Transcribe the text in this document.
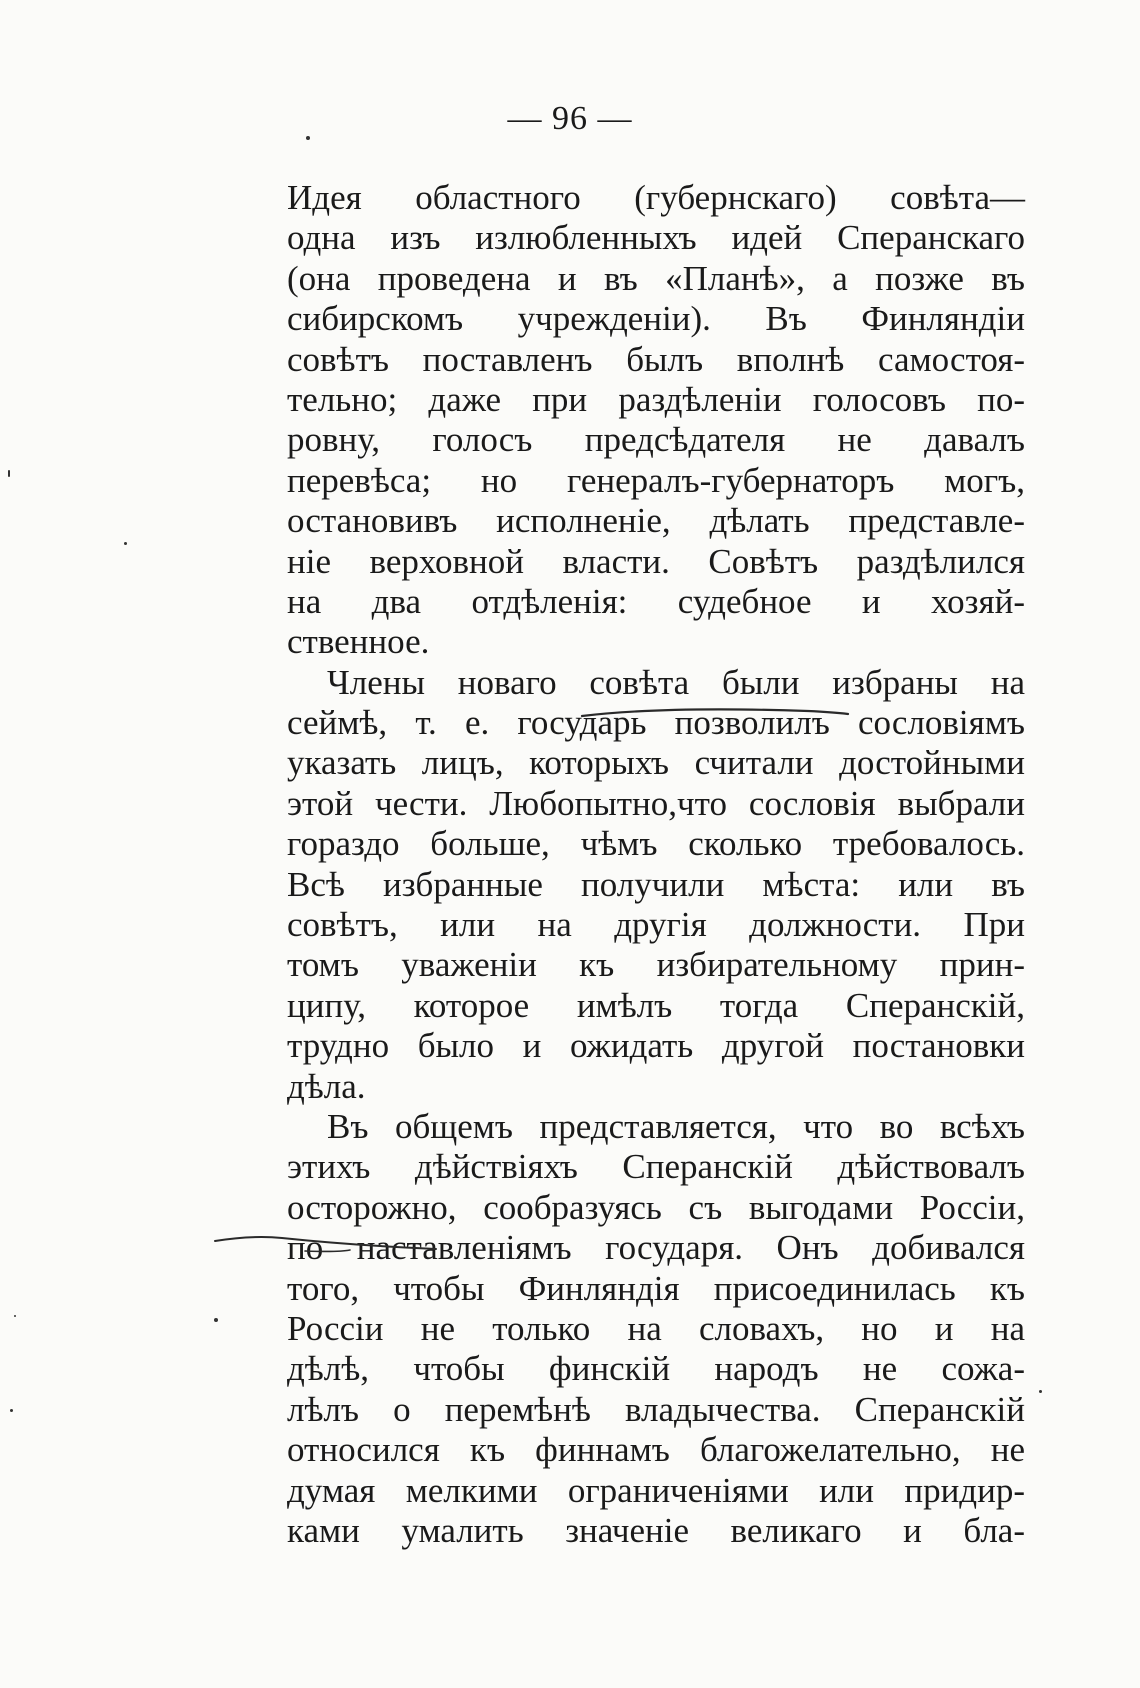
— 96 —
Идея областного (губернскаго) совѣта—
одна изъ излюбленныхъ идей Сперанскаго
(она проведена и въ «Планѣ», а позже въ
сибирскомъ учрежденiи). Въ Финляндiи
совѣтъ поставленъ былъ вполнѣ самостоя-
тельно; даже при раздѣленiи голосовъ по-
ровну, голосъ предсѣдателя не давалъ
перевѣса; но генералъ-губернаторъ могъ,
остановивъ исполненiе, дѣлать представле-
нiе верховной власти. Совѣтъ раздѣлился
на два отдѣленiя: судебное и хозяй-
ственное.
Члены новаго совѣта были избраны на
сеймѣ, т. е. государь позволилъ сословiямъ
указать лицъ, которыхъ считали достойными
этой чести. Любопытно,что сословiя выбрали
гораздо больше, чѣмъ сколько требовалось.
Всѣ избранные получили мѣста: или въ
совѣтъ, или на другiя должности. При
томъ уваженiи къ избирательному прин-
ципу, которое имѣлъ тогда Сперанскiй,
трудно было и ожидать другой постановки
дѣла.
Въ общемъ представляется, что во всѣхъ
этихъ дѣйствiяхъ Сперанскiй дѣйствовалъ
осторожно, сообразуясь съ выгодами Россiи,
по наставленiямъ государя. Онъ добивался
того, чтобы Финляндiя присоединилась къ
Россiи не только на словахъ, но и на
дѣлѣ, чтобы финскiй народъ не сожа-
лѣлъ о перемѣнѣ владычества. Сперанскiй
относился къ финнамъ благожелательно, не
думая мелкими ограниченiями или придир-
ками умалить значенiе великаго и бла-
